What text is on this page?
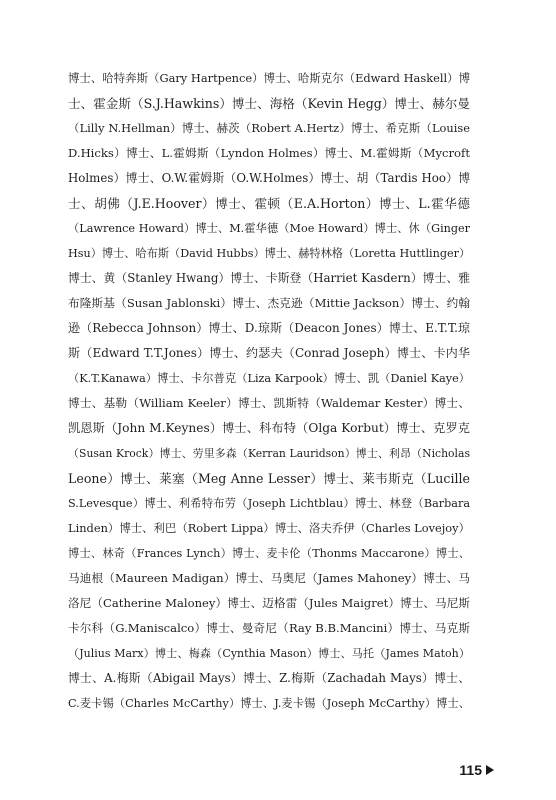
博士、哈特奔斯（Gary Hartpence）博士、哈斯克尔（Edward Haskell）博
士、霍金斯（S.J.Hawkins）博士、海格（Kevin Hegg）博士、赫尔曼
（Lilly N.Hellman）博士、赫茨（Robert A.Hertz）博士、希克斯（Louise
D.Hicks）博士、L.霍姆斯（Lyndon Holmes）博士、M.霍姆斯（Mycroft
Holmes）博士、O.W.霍姆斯（O.W.Holmes）博士、胡（Tardis Hoo）博
士、胡佛（J.E.Hoover）博士、霍顿（E.A.Horton）博士、L.霍华德
（Lawrence Howard）博士、M.霍华德（Moe Howard）博士、休（Ginger
Hsu）博士、哈布斯（David Hubbs）博士、赫特林格（Loretta Huttlinger）
博士、黄（Stanley Hwang）博士、卡斯登（Harriet Kasdern）博士、雅
布隆斯基（Susan Jablonski）博士、杰克逊（Mittie Jackson）博士、约翰
逊（Rebecca Johnson）博士、D.琼斯（Deacon Jones）博士、E.T.T.琼
斯（Edward T.T.Jones）博士、约瑟夫（Conrad Joseph）博士、卡内华
（K.T.Kanawa）博士、卡尔普克（Liza Karpook）博士、凯（Daniel Kaye）
博士、基勒（William Keeler）博士、凯斯特（Waldemar Kester）博士、
凯恩斯（John M.Keynes）博士、科布特（Olga Korbut）博士、克罗克
（Susan Krock）博士、劳里多森（Kerran Lauridson）博士、利昂（Nicholas
Leone）博士、莱塞（Meg Anne Lesser）博士、莱韦斯克（Lucille
S.Levesque）博士、利希特布劳（Joseph Lichtblau）博士、林登（Barbara
Linden）博士、利巴（Robert Lippa）博士、洛夫乔伊（Charles Lovejoy）
博士、林奇（Frances Lynch）博士、麦卡伦（Thonms Maccarone）博士、
马迪根（Maureen Madigan）博士、马奥尼（James Mahoney）博士、马
洛尼（Catherine Maloney）博士、迈格雷（Jules Maigret）博士、马尼斯
卡尔科（G.Maniscalco）博士、曼奇尼（Ray B.B.Mancini）博士、马克斯
（Julius Marx）博士、梅森（Cynthia Mason）博士、马托（James Matoh）
博士、A.梅斯（Abigail Mays）博士、Z.梅斯（Zachadah Mays）博士、
C.麦卡锡（Charles McCarthy）博士、J.麦卡锡（Joseph McCarthy）博士、
115
